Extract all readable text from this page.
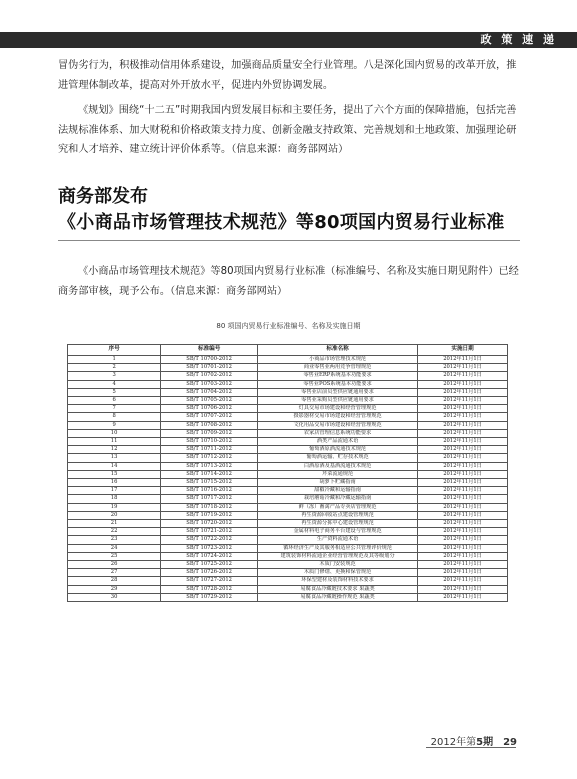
政 策 速 递

冒伪劣行为，积极推动信用体系建设，加强商品质量安全行业管理。八是深化国内贸易的改革开放，推进管理体制改革，提高对外开放水平，促进内外贸协调发展。

《规划》围绕“十二五”时期我国内贸发展目标和主要任务，提出了六个方面的保障措施，包括完善法规标准体系、加大财税和价格政策支持力度、创新金融支持政策、完善规划和土地政策、加强理论研究和人才培养、建立统计评价体系等。（信息来源：商务部网站）

商务部发布
《小商品市场管理技术规范》等80项国内贸易行业标准

《小商品市场管理技术规范》等80项国内贸易行业标准（标准编号、名称及实施日期见附件）已经商务部审核，现予公布。（信息来源：商务部网站）

80 项国内贸易行业标准编号、名称及实施日期
序号	标准编号	标准名称	实施日期
1	SB/T 10700-2012	小商品市场管理技术规范	2012年11月1日
2	SB/T 10701-2012	商业零售业两用竞争管理规范	2012年11月1日
3	SB/T 10702-2012	零售业ERP系统基本功能要求	2012年11月1日
4	SB/T 10703-2012	零售业POS系统基本功能要求	2012年11月1日
5	SB/T 10704-2012	零售业店前员型供应链通用要求	2012年11月1日
6	SB/T 10705-2012	零售业采购员型供应链通用要求	2012年11月1日
7	SB/T 10706-2012	灯具交易市场建设和经营管理规范	2012年11月1日
8	SB/T 10707-2012	摄影器材交易市场建设和经营管理规范	2012年11月1日
9	SB/T 10708-2012	文化用品交易市场建设和经营管理规范	2012年11月1日
10	SB/T 10709-2012	农家店管理信息系统功能要求	2012年11月1日
11	SB/T 10710-2012	酒类产品流通术语	2012年11月1日
12	SB/T 10711-2012	葡萄酒原酒流通技术规范	2012年11月1日
13	SB/T 10712-2012	葡萄酒运输、贮存技术规范	2012年11月1日
14	SB/T 10713-2012	白酒原酒及基酒流通技术规范	2012年11月1日
15	SB/T 10714-2012	芹菜流通规范	2012年11月1日
16	SB/T 10715-2012	胡萝卜贮藏指南	2012年11月1日
17	SB/T 10716-2012	甜椒冷藏和运输指南	2012年11月1日
18	SB/T 10717-2012	栽培蘑菇冷藏和冷藏运输指南	2012年11月1日
19	SB/T 10718-2012	鲜（冻）畜禽产品专卖店管理规范	2012年11月1日
20	SB/T 10719-2012	再生资源回收站点建设管理规范	2012年11月1日
21	SB/T 10720-2012	再生资源分拣中心建设管理规范	2012年11月1日
22	SB/T 10721-2012	金属材料电子商务平台建设与管理规范	2012年11月1日
23	SB/T 10722-2012	生产资料流通术语	2012年11月1日
24	SB/T 10723-2012	循环经济生产及其服务相适应公共管理评价规范	2012年11月1日
25	SB/T 10724-2012	建筑装饰材料流通企业经营管理规范及其等级划分	2012年11月1日
26	SB/T 10725-2012	木质门安装规范	2012年11月1日
27	SB/T 10726-2012	木质门修缮、更换和保管规范	2012年11月1日
28	SB/T 10727-2012	环保型建材及装饰材料技术要求	2012年11月1日
29	SB/T 10728-2012	易腐食品冷藏链技术要求 果蔬类	2012年11月1日
30	SB/T 10729-2012	易腐食品冷藏链操作规范 果蔬类	2012年11月1日
2012年第5期 29
